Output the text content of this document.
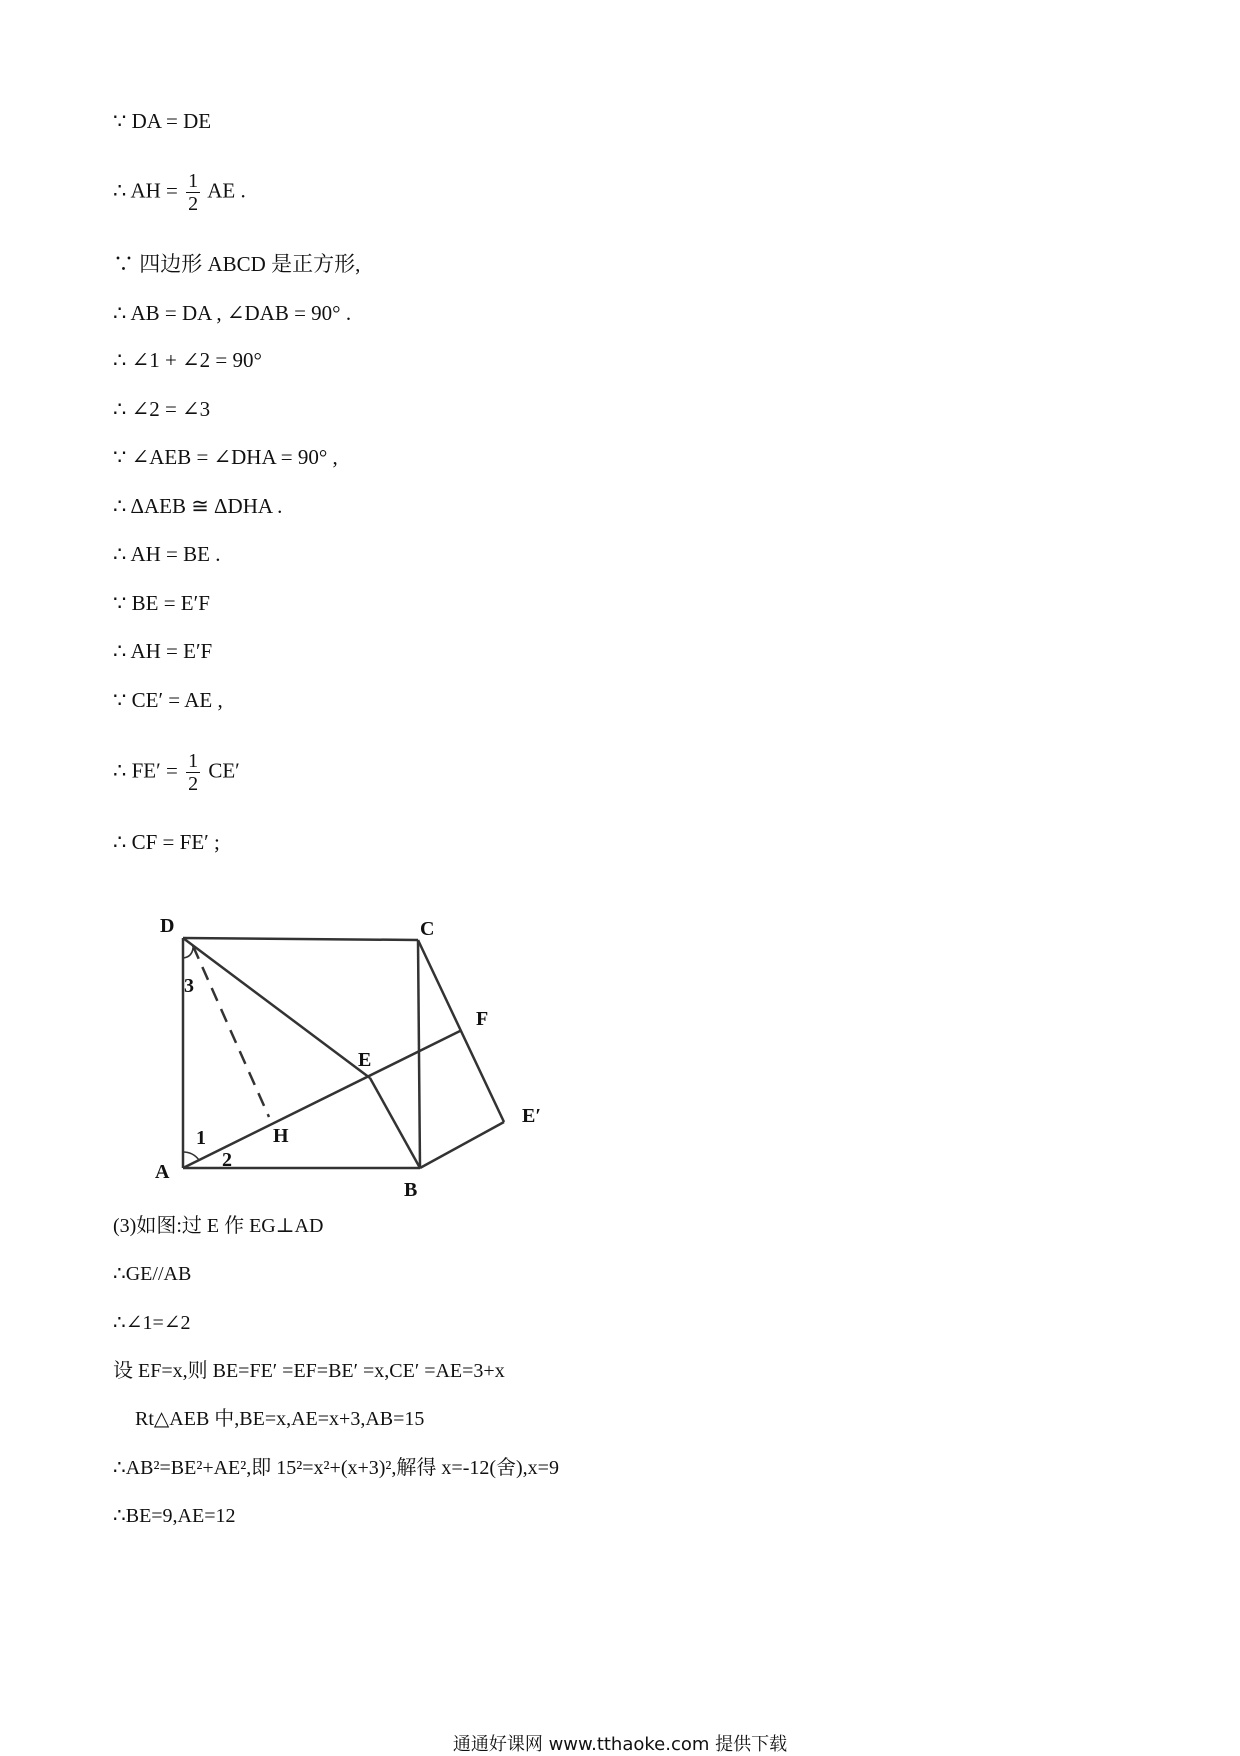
∵ DA = DE
∴ AH = $\frac{1}{2}$ AE .
∵ 四边形 ABCD 是正方形,
∴ AB = DA , ∠DAB = 90° .
∴ ∠1 + ∠2 = 90°
∴ ∠2 = ∠3
∵ ∠AEB = ∠DHA = 90° ,
∴ ΔAEB ≅ ΔDHA .
∴ AH = BE .
∵ BE = E′F
∴ AH = E′F
∵ CE′ = AE ,
∴ $FE' = \frac{1}{2} CE'$
∴ CF = FE′ ;
D	C
F
E
E′
H
A
B
1
2
3
(3)如图:过 E 作 EG⊥AD
∴GE//AB
∴∠1=∠2
设 EF=x,则 BE=FE′ =EF=BE′ =x,CE′ =AE=3+x
Rt△AEB 中,BE=x,AE=x+3,AB=15
∴AB²=BE²+AE²,即 15²=x²+(x+3)²,解得 x=-12(舍),x=9
∴BE=9,AE=12
通通好课网 www.tthaoke.com 提供下载
